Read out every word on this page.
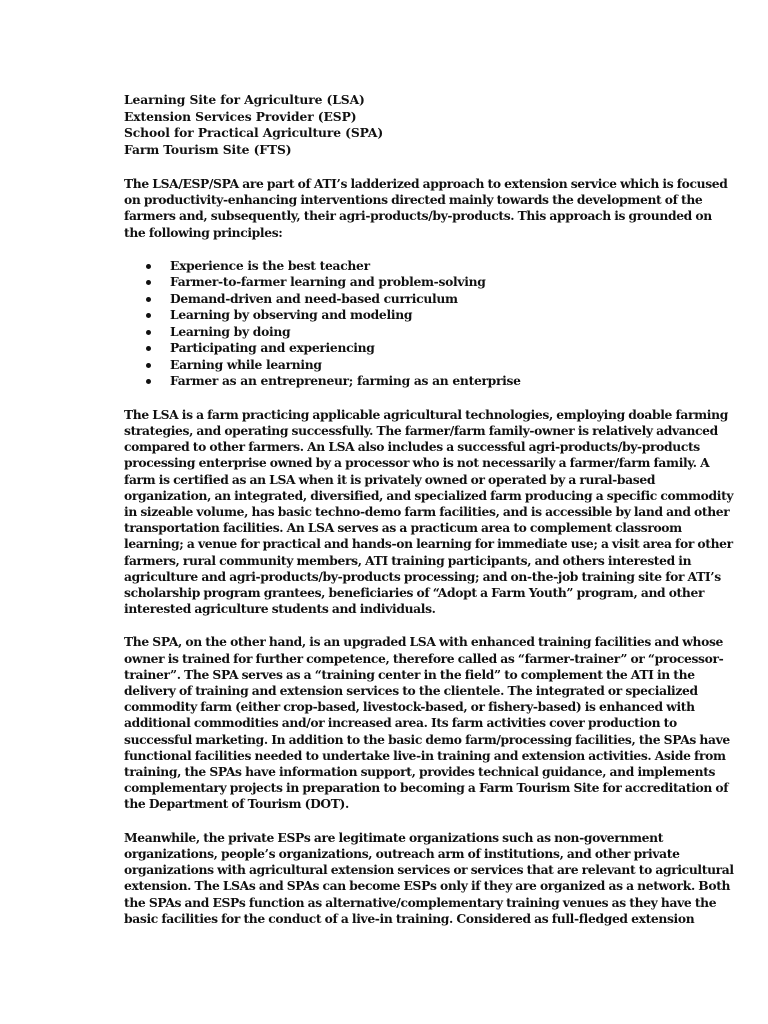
Learning Site for Agriculture (LSA)
Extension Services Provider (ESP)
School for Practical Agriculture (SPA)
Farm Tourism Site (FTS)

The LSA/ESP/SPA are part of ATI’s ladderized approach to extension service which is focused
on productivity-enhancing interventions directed mainly towards the development of the
farmers and, subsequently, their agri-products/by-products. This approach is grounded on
the following principles:

Experience is the best teacher
Farmer-to-farmer learning and problem-solving
Demand-driven and need-based curriculum
Learning by observing and modeling
Learning by doing
Participating and experiencing
Earning while learning
Farmer as an entrepreneur; farming as an enterprise

The LSA is a farm practicing applicable agricultural technologies, employing doable farming
strategies, and operating successfully. The farmer/farm family-owner is relatively advanced
compared to other farmers. An LSA also includes a successful agri-products/by-products
processing enterprise owned by a processor who is not necessarily a farmer/farm family. A
farm is certified as an LSA when it is privately owned or operated by a rural-based
organization, an integrated, diversified, and specialized farm producing a specific commodity
in sizeable volume, has basic techno-demo farm facilities, and is accessible by land and other
transportation facilities. An LSA serves as a practicum area to complement classroom
learning; a venue for practical and hands-on learning for immediate use; a visit area for other
farmers, rural community members, ATI training participants, and others interested in
agriculture and agri-products/by-products processing; and on-the-job training site for ATI’s
scholarship program grantees, beneficiaries of “Adopt a Farm Youth” program, and other
interested agriculture students and individuals.

The SPA, on the other hand, is an upgraded LSA with enhanced training facilities and whose
owner is trained for further competence, therefore called as “farmer-trainer” or “processor-
trainer”. The SPA serves as a “training center in the field” to complement the ATI in the
delivery of training and extension services to the clientele. The integrated or specialized
commodity farm (either crop-based, livestock-based, or fishery-based) is enhanced with
additional commodities and/or increased area. Its farm activities cover production to
successful marketing. In addition to the basic demo farm/processing facilities, the SPAs have
functional facilities needed to undertake live-in training and extension activities. Aside from
training, the SPAs have information support, provides technical guidance, and implements
complementary projects in preparation to becoming a Farm Tourism Site for accreditation of
the Department of Tourism (DOT).

Meanwhile, the private ESPs are legitimate organizations such as non-government
organizations, people’s organizations, outreach arm of institutions, and other private
organizations with agricultural extension services or services that are relevant to agricultural
extension. The LSAs and SPAs can become ESPs only if they are organized as a network. Both
the SPAs and ESPs function as alternative/complementary training venues as they have the
basic facilities for the conduct of a live-in training. Considered as full-fledged extension
